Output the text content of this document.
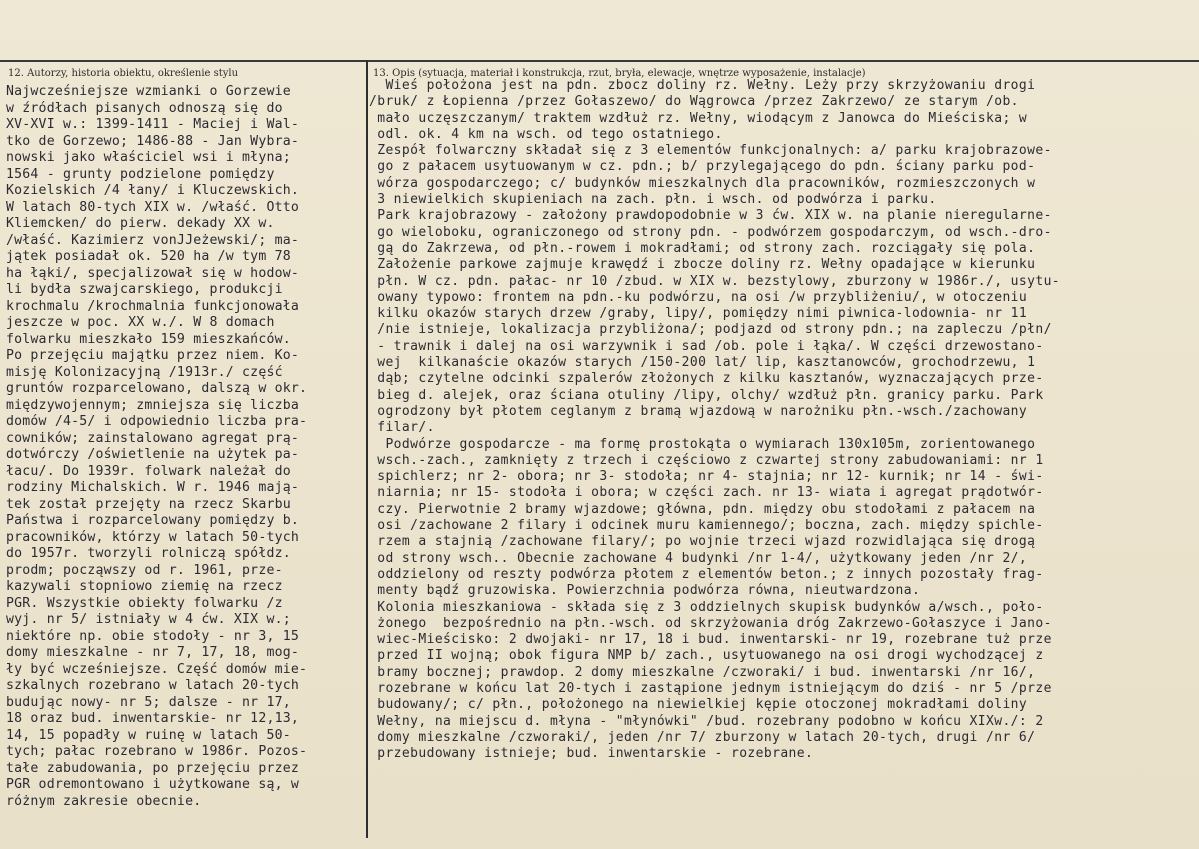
12. Autorzy, historia obiektu, określenie stylu	13. Opis (sytuacja, materiał i konstrukcja, rzut, bryła, elewacje, wnętrze wyposażenie, instalacje)
Najwcześniejsze wzmianki o Gorzewie
w źródłach pisanych odnoszą się do
XV-XVI w.: 1399-1411 - Maciej i Wal-
tko de Gorzewo; 1486-88 - Jan Wybra-
nowski jako właściciel wsi i młyna;
1564 - grunty podzielone pomiędzy
Kozielskich /4 łany/ i Kluczewskich.
W latach 80-tych XIX w. /właść. Otto
Kliemcken/ do pierw. dekady XX w.
/właść. Kazimierz vonJJeżewski/; ma-
jątek posiadał ok. 520 ha /w tym 78
ha łąki/, specjalizował się w hodow-
li bydła szwajcarskiego, produkcji
krochmalu /krochmalnia funkcjonowała
jeszcze w poc. XX w./. W 8 domach
folwarku mieszkało 159 mieszkańców.
Po przejęciu majątku przez niem. Ko-
misję Kolonizacyjną /1913r./ część
gruntów rozparcelowano, dalszą w okr.
międzywojennym; zmniejsza się liczba
domów /4-5/ i odpowiednio liczba pra-
cowników; zainstalowano agregat prą-
dotwórczy /oświetlenie na użytek pa-
łacu/. Do 1939r. folwark należał do
rodziny Michalskich. W r. 1946 mają-
tek został przejęty na rzecz Skarbu
Państwa i rozparcelowany pomiędzy b.
pracowników, którzy w latach 50-tych
do 1957r. tworzyli rolniczą spółdz.
prodm; począwszy od r. 1961, prze-
kazywali stopniowo ziemię na rzecz
PGR. Wszystkie obiekty folwarku /z
wyj. nr 5/ istniały w 4 ćw. XIX w.;
niektóre np. obie stodoły - nr 3, 15
domy mieszkalne - nr 7, 17, 18, mog-
ły być wcześniejsze. Część domów mie-
szkalnych rozebrano w latach 20-tych
budując nowy- nr 5; dalsze - nr 17,
18 oraz bud. inwentarskie- nr 12,13,
14, 15 popadły w ruinę w latach 50-
tych; pałac rozebrano w 1986r. Pozos-
tałe zabudowania, po przejęciu przez
PGR odremontowano i użytkowane są, w
różnym zakresie obecnie.
Wieś położona jest na pdn. zbocz doliny rz. Wełny. Leży przy skrzyżowaniu drogi
/bruk/ z Łopienna /przez Gołaszewo/ do Wągrowca /przez Zakrzewo/ ze starym /ob.
mało uczęszczanym/ traktem wzdłuż rz. Wełny, wiodącym z Janowca do Mieściska; w
odl. ok. 4 km na wsch. od tego ostatniego.
Zespół folwarczny składał się z 3 elementów funkcjonalnych: a/ parku krajobrazowe-
go z pałacem usytuowanym w cz. pdn.; b/ przylegającego do pdn. ściany parku pod-
wórza gospodarczego; c/ budynków mieszkalnych dla pracowników, rozmieszczonych w
3 niewielkich skupieniach na zach. płn. i wsch. od podwórza i parku.
Park krajobrazowy - założony prawdopodobnie w 3 ćw. XIX w. na planie nieregularne-
go wieloboku, ograniczonego od strony pdn. - podwórzem gospodarczym, od wsch.-dro-
gą do Zakrzewa, od płn.-rowem i mokradłami; od strony zach. rozciągały się pola.
Założenie parkowe zajmuje krawędź i zbocze doliny rz. Wełny opadające w kierunku
płn. W cz. pdn. pałac- nr 10 /zbud. w XIX w. bezstylowy, zburzony w 1986r./, usytu-
owany typowo: frontem na pdn.-ku podwórzu, na osi /w przybliżeniu/, w otoczeniu
kilku okazów starych drzew /graby, lipy/, pomiędzy nimi piwnica-lodownia- nr 11
/nie istnieje, lokalizacja przybliżona/; podjazd od strony pdn.; na zapleczu /płn/
- trawnik i dalej na osi warzywnik i sad /ob. pole i łąka/. W części drzewostano-
wej  kilkanaście okazów starych /150-200 lat/ lip, kasztanowców, grochodrzewu, 1
dąb; czytelne odcinki szpalerów złożonych z kilku kasztanów, wyznaczających prze-
bieg d. alejek, oraz ściana otuliny /lipy, olchy/ wzdłuż płn. granicy parku. Park
ogrodzony był płotem ceglanym z bramą wjazdową w narożniku płn.-wsch./zachowany
filar/.
Podwórze gospodarcze - ma formę prostokąta o wymiarach 130x105m, zorientowanego
wsch.-zach., zamknięty z trzech i częściowo z czwartej strony zabudowaniami: nr 1
spichlerz; nr 2- obora; nr 3- stodoła; nr 4- stajnia; nr 12- kurnik; nr 14 - świ-
niarnia; nr 15- stodoła i obora; w części zach. nr 13- wiata i agregat prądotwór-
czy. Pierwotnie 2 bramy wjazdowe; główna, pdn. między obu stodołami z pałacem na
osi /zachowane 2 filary i odcinek muru kamiennego/; boczna, zach. między spichle-
rzem a stajnią /zachowane filary/; po wojnie trzeci wjazd rozwidlająca się drogą
od strony wsch.. Obecnie zachowane 4 budynki /nr 1-4/, użytkowany jeden /nr 2/,
oddzielony od reszty podwórza płotem z elementów beton.; z innych pozostały frag-
menty bądź gruzowiska. Powierzchnia podwórza równa, nieutwardzona.
Kolonia mieszkaniowa - składa się z 3 oddzielnych skupisk budynków a/wsch., poło-
żonego  bezpośrednio na płn.-wsch. od skrzyżowania dróg Zakrzewo-Gołaszyce i Jano-
wiec-Mieścisko: 2 dwojaki- nr 17, 18 i bud. inwentarski- nr 19, rozebrane tuż prze
przed II wojną; obok figura NMP b/ zach., usytuowanego na osi drogi wychodzącej z
bramy bocznej; prawdop. 2 domy mieszkalne /czworaki/ i bud. inwentarski /nr 16/,
rozebrane w końcu lat 20-tych i zastąpione jednym istniejącym do dziś - nr 5 /prze
budowany/; c/ płn., położonego na niewielkiej kępie otoczonej mokradłami doliny
Wełny, na miejscu d. młyna - "młynówki" /bud. rozebrany podobno w końcu XIXw./: 2
domy mieszkalne /czworaki/, jeden /nr 7/ zburzony w latach 20-tych, drugi /nr 6/
przebudowany istnieje; bud. inwentarskie - rozebrane.
